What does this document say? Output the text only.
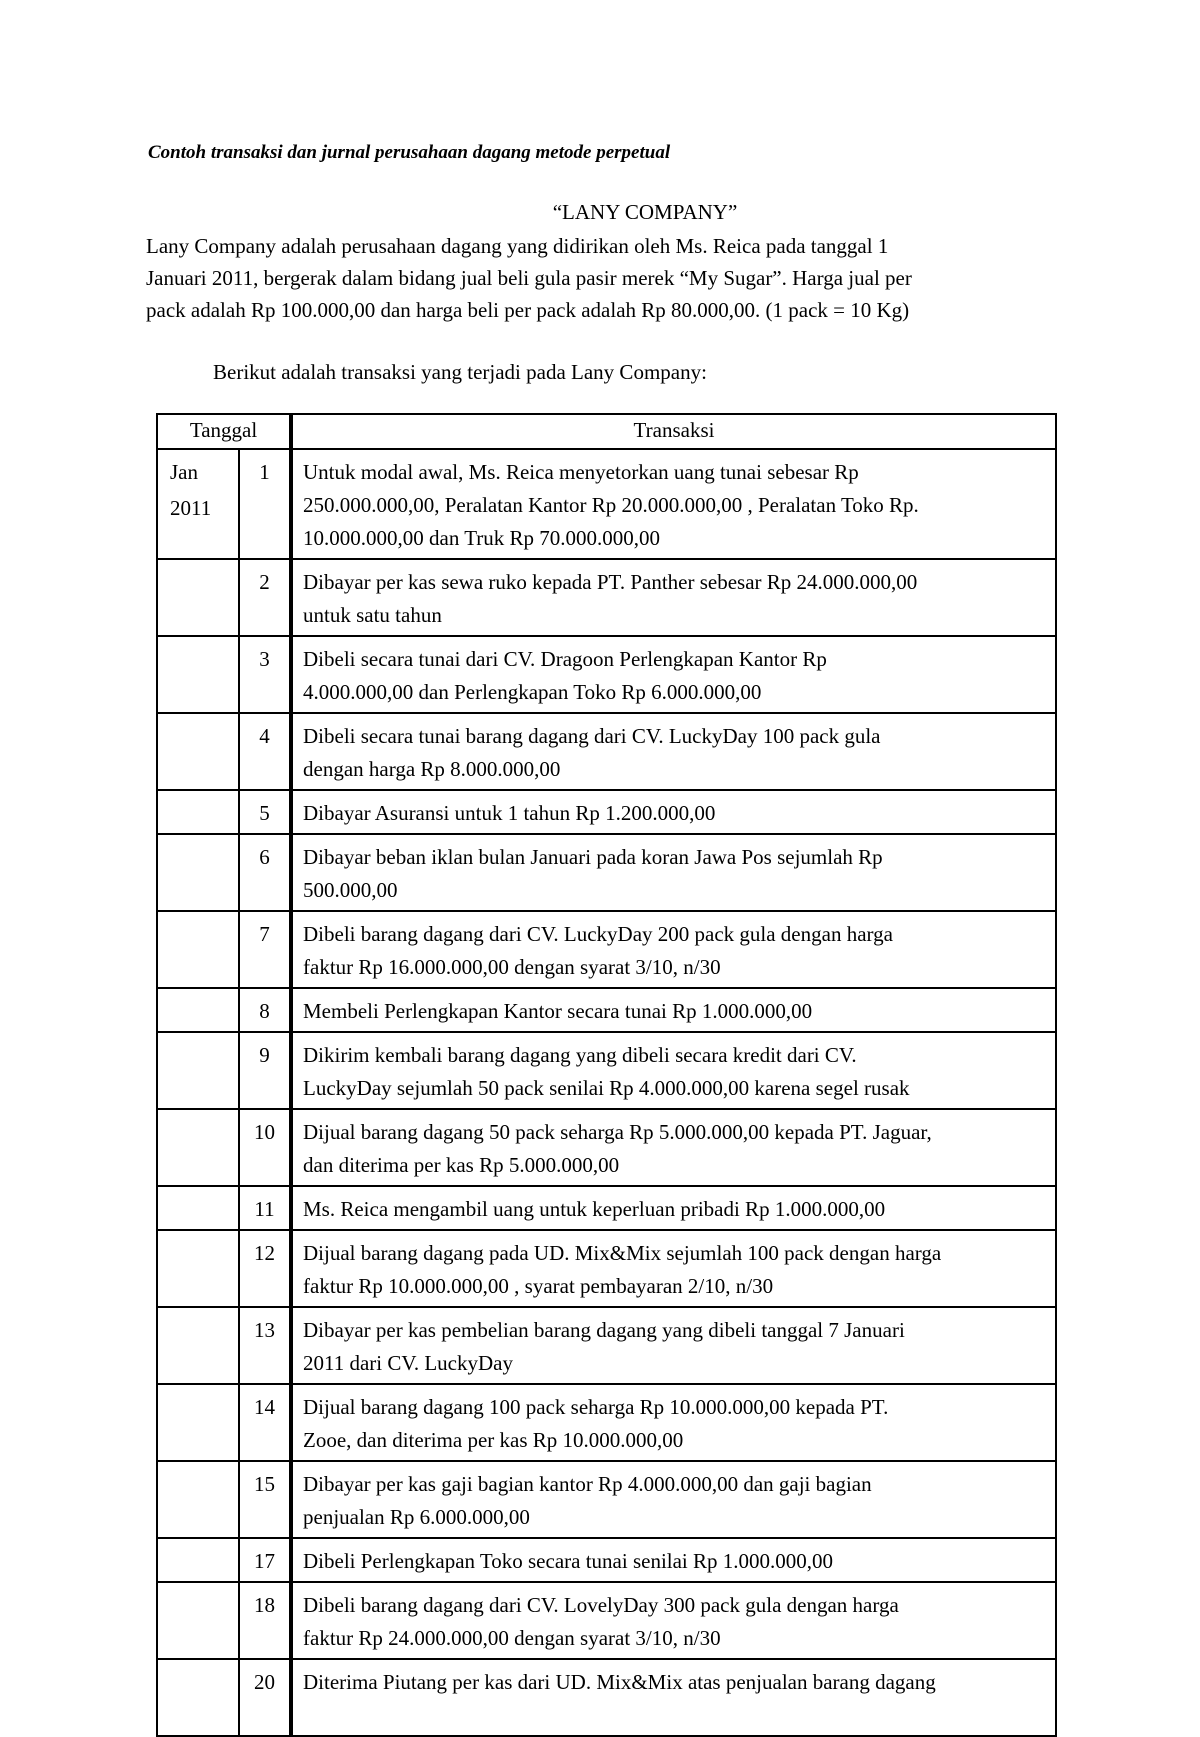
Contoh transaksi dan jurnal perusahaan dagang metode perpetual
“LANY COMPANY”
Lany Company adalah perusahaan dagang yang didirikan oleh Ms. Reica pada tanggal 1
Januari 2011, bergerak dalam bidang jual beli gula pasir merek “My Sugar”. Harga jual per
pack adalah Rp 100.000,00 dan harga beli per pack adalah Rp 80.000,00. (1 pack = 10 Kg)
Berikut adalah transaksi yang terjadi pada Lany Company:
Tanggal		Transaksi

Jan
2011	1	Untuk modal awal, Ms. Reica menyetorkan uang tunai sebesar Rp
250.000.000,00, Peralatan Kantor Rp 20.000.000,00 , Peralatan Toko Rp.
10.000.000,00 dan Truk Rp 70.000.000,00

	2	Dibayar per kas sewa ruko kepada PT. Panther sebesar Rp 24.000.000,00
untuk satu tahun

	3	Dibeli secara tunai dari CV. Dragoon Perlengkapan Kantor Rp
4.000.000,00 dan Perlengkapan Toko Rp 6.000.000,00

	4	Dibeli secara tunai barang dagang dari CV. LuckyDay 100 pack gula
dengan harga Rp 8.000.000,00

	5	Dibayar Asuransi untuk 1 tahun Rp 1.200.000,00

	6	Dibayar beban iklan bulan Januari pada koran Jawa Pos sejumlah Rp
500.000,00

	7	Dibeli barang dagang dari CV. LuckyDay 200 pack gula dengan harga
faktur Rp 16.000.000,00 dengan syarat 3/10, n/30

	8	Membeli Perlengkapan Kantor secara tunai Rp 1.000.000,00

	9	Dikirim kembali barang dagang yang dibeli secara kredit dari CV.
LuckyDay sejumlah 50 pack senilai Rp 4.000.000,00 karena segel rusak

	10	Dijual barang dagang 50 pack seharga Rp 5.000.000,00 kepada PT. Jaguar,
dan diterima per kas Rp 5.000.000,00

	11	Ms. Reica mengambil uang untuk keperluan pribadi Rp 1.000.000,00

	12	Dijual barang dagang pada UD. Mix&Mix sejumlah 100 pack dengan harga
faktur Rp 10.000.000,00 , syarat pembayaran 2/10, n/30

	13	Dibayar per kas pembelian barang dagang yang dibeli tanggal 7 Januari
2011 dari CV. LuckyDay

	14	Dijual barang dagang 100 pack seharga Rp 10.000.000,00 kepada PT.
Zooe, dan diterima per kas Rp 10.000.000,00

	15	Dibayar per kas gaji bagian kantor Rp 4.000.000,00 dan gaji bagian
penjualan Rp 6.000.000,00

	17	Dibeli Perlengkapan Toko secara tunai senilai Rp 1.000.000,00

	18	Dibeli barang dagang dari CV. LovelyDay 300 pack gula dengan harga
faktur Rp 24.000.000,00 dengan syarat 3/10, n/30

	20	Diterima Piutang per kas dari UD. Mix&Mix atas penjualan barang dagang
